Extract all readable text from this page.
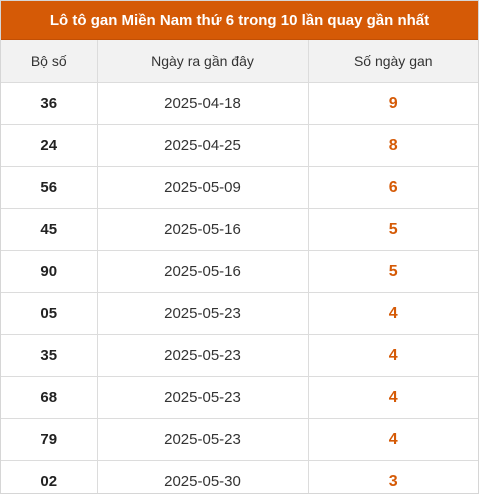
Lô tô gan Miền Nam thứ 6 trong 10 lần quay gần nhất
Bộ số	Ngày ra gần đây	Số ngày gan
36	2025-04-18	9
24	2025-04-25	8
56	2025-05-09	6
45	2025-05-16	5
90	2025-05-16	5
05	2025-05-23	4
35	2025-05-23	4
68	2025-05-23	4
79	2025-05-23	4
02	2025-05-30	3
